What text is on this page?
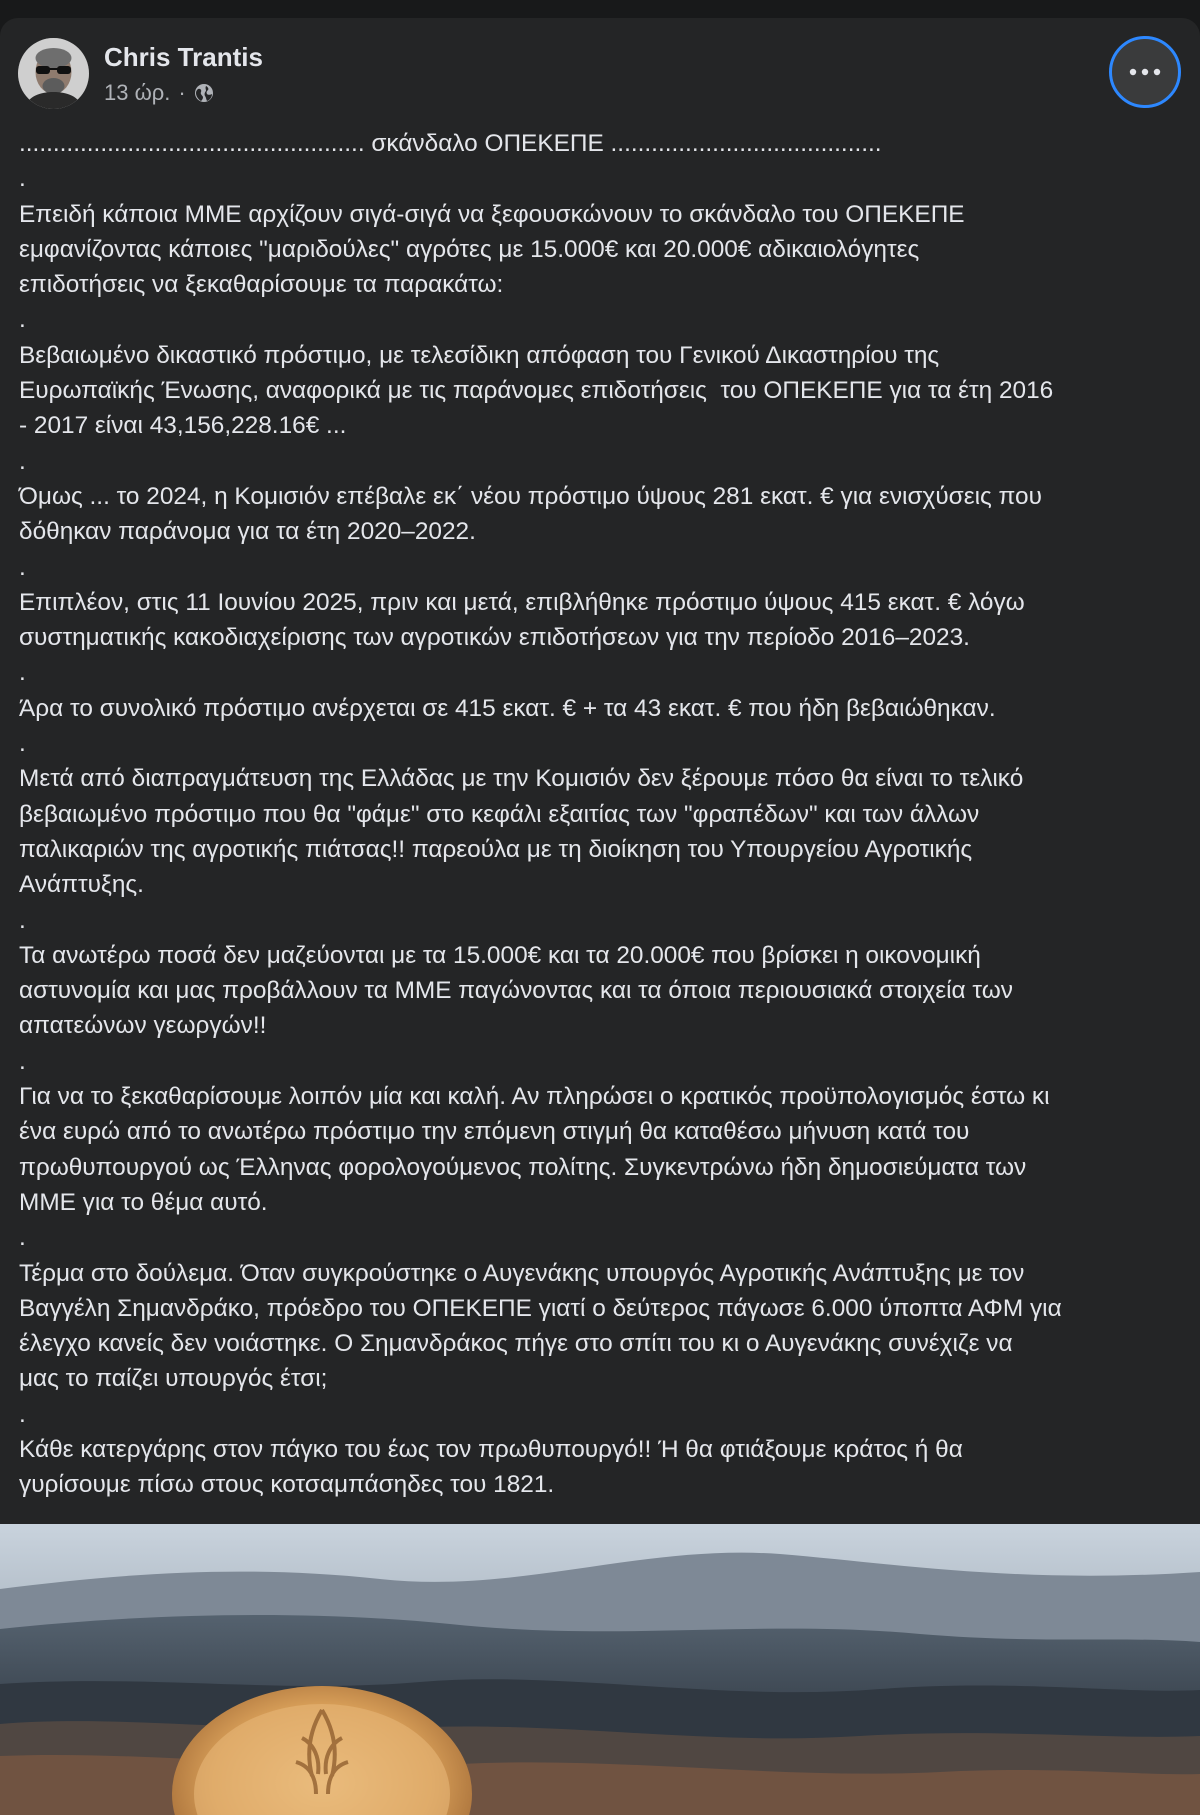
Chris Trantis
13 ώρ. ·
................................................... σκάνδαλο ΟΠΕΚΕΠΕ ........................................
.
Επειδή κάποια ΜΜΕ αρχίζουν σιγά-σιγά να ξεφουσκώνουν το σκάνδαλο του ΟΠΕΚΕΠΕ
εμφανίζοντας κάποιες "μαριδούλες" αγρότες με 15.000€ και 20.000€ αδικαιολόγητες
επιδοτήσεις να ξεκαθαρίσουμε τα παρακάτω:
.
Βεβαιωμένο δικαστικό πρόστιμο, με τελεσίδικη απόφαση του Γενικού Δικαστηρίου της
Ευρωπαϊκής Ένωσης, αναφορικά με τις παράνομες επιδοτήσεις  του ΟΠΕΚΕΠΕ για τα έτη 2016
- 2017 είναι 43,156,228.16€ ...
.
Όμως ... το 2024, η Κομισιόν επέβαλε εκ΄ νέου πρόστιμο ύψους 281 εκατ. € για ενισχύσεις που
δόθηκαν παράνομα για τα έτη 2020–2022.
.
Επιπλέον, στις 11 Ιουνίου 2025, πριν και μετά, επιβλήθηκε πρόστιμο ύψους 415 εκατ. € λόγω
συστηματικής κακοδιαχείρισης των αγροτικών επιδοτήσεων για την περίοδο 2016–2023.
.
Άρα το συνολικό πρόστιμο ανέρχεται σε 415 εκατ. € + τα 43 εκατ. € που ήδη βεβαιώθηκαν.
.
Μετά από διαπραγμάτευση της Ελλάδας με την Κομισιόν δεν ξέρουμε πόσο θα είναι το τελικό
βεβαιωμένο πρόστιμο που θα "φάμε" στο κεφάλι εξαιτίας των "φραπέδων" και των άλλων
παλικαριών της αγροτικής πιάτσας!! παρεούλα με τη διοίκηση του Υπουργείου Αγροτικής
Ανάπτυξης.
.
Τα ανωτέρω ποσά δεν μαζεύονται με τα 15.000€ και τα 20.000€ που βρίσκει η οικονομική
αστυνομία και μας προβάλλουν τα ΜΜΕ παγώνοντας και τα όποια περιουσιακά στοιχεία των
απατεώνων γεωργών!!
.
Για να το ξεκαθαρίσουμε λοιπόν μία και καλή. Αν πληρώσει ο κρατικός προϋπολογισμός έστω κι
ένα ευρώ από το ανωτέρω πρόστιμο την επόμενη στιγμή θα καταθέσω μήνυση κατά του
πρωθυπουργού ως Έλληνας φορολογούμενος πολίτης. Συγκεντρώνω ήδη δημοσιεύματα των
ΜΜΕ για το θέμα αυτό.
.
Τέρμα στο δούλεμα. Όταν συγκρούστηκε ο Αυγενάκης υπουργός Αγροτικής Ανάπτυξης με τον
Βαγγέλη Σημανδράκο, πρόεδρο του ΟΠΕΚΕΠΕ γιατί ο δεύτερος πάγωσε 6.000 ύποπτα ΑΦΜ για
έλεγχο κανείς δεν νοιάστηκε. Ο Σημανδράκος πήγε στο σπίτι του κι ο Αυγενάκης συνέχιζε να
μας το παίζει υπουργός έτσι;
.
Κάθε κατεργάρης στον πάγκο του έως τον πρωθυπουργό!! Ή θα φτιάξουμε κράτος ή θα
γυρίσουμε πίσω στους κοτσαμπάσηδες του 1821.
